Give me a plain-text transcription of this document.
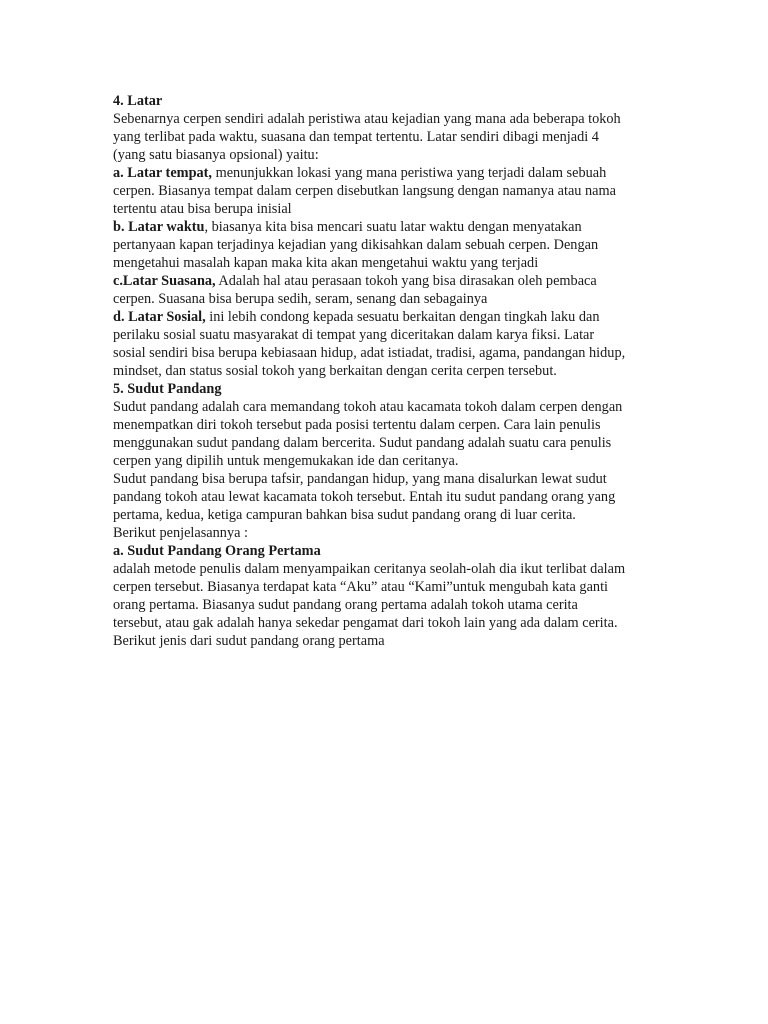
4. Latar

Sebenarnya cerpen sendiri adalah peristiwa atau kejadian yang mana ada beberapa tokoh
yang terlibat pada waktu, suasana dan tempat tertentu. Latar sendiri dibagi menjadi 4
(yang satu biasanya opsional) yaitu:

a. Latar tempat, menunjukkan lokasi yang mana peristiwa yang terjadi dalam sebuah
cerpen. Biasanya tempat dalam cerpen disebutkan langsung dengan namanya atau nama
tertentu atau bisa berupa inisial

b. Latar waktu, biasanya kita bisa mencari suatu latar waktu dengan menyatakan
pertanyaan kapan terjadinya kejadian yang dikisahkan dalam sebuah cerpen. Dengan
mengetahui masalah kapan maka kita akan mengetahui waktu yang terjadi

c.Latar Suasana, Adalah hal atau perasaan tokoh yang bisa dirasakan oleh pembaca
cerpen. Suasana bisa berupa sedih, seram, senang dan sebagainya

d. Latar Sosial, ini lebih condong kepada sesuatu berkaitan dengan tingkah laku dan
perilaku sosial suatu masyarakat di tempat yang diceritakan dalam karya fiksi. Latar
sosial sendiri bisa berupa kebiasaan hidup, adat istiadat, tradisi, agama, pandangan hidup,
mindset, dan status sosial tokoh yang berkaitan dengan cerita cerpen tersebut.

5. Sudut Pandang

Sudut pandang adalah cara memandang tokoh atau kacamata tokoh dalam cerpen dengan
menempatkan diri tokoh tersebut pada posisi tertentu dalam cerpen. Cara lain penulis
menggunakan sudut pandang dalam bercerita. Sudut pandang adalah suatu cara penulis
cerpen yang dipilih untuk mengemukakan ide dan ceritanya.

Sudut pandang bisa berupa tafsir, pandangan hidup, yang mana disalurkan lewat sudut
pandang tokoh atau lewat kacamata tokoh tersebut. Entah itu sudut pandang orang yang
pertama, kedua, ketiga campuran bahkan bisa sudut pandang orang di luar cerita.

Berikut penjelasannya :

a. Sudut Pandang Orang Pertama

adalah metode penulis dalam menyampaikan ceritanya seolah-olah dia ikut terlibat dalam
cerpen tersebut. Biasanya terdapat kata “Aku” atau “Kami”untuk mengubah kata ganti
orang pertama. Biasanya sudut pandang orang pertama adalah tokoh utama cerita
tersebut, atau gak adalah hanya sekedar pengamat dari tokoh lain yang ada dalam cerita.

Berikut jenis dari sudut pandang orang pertama
